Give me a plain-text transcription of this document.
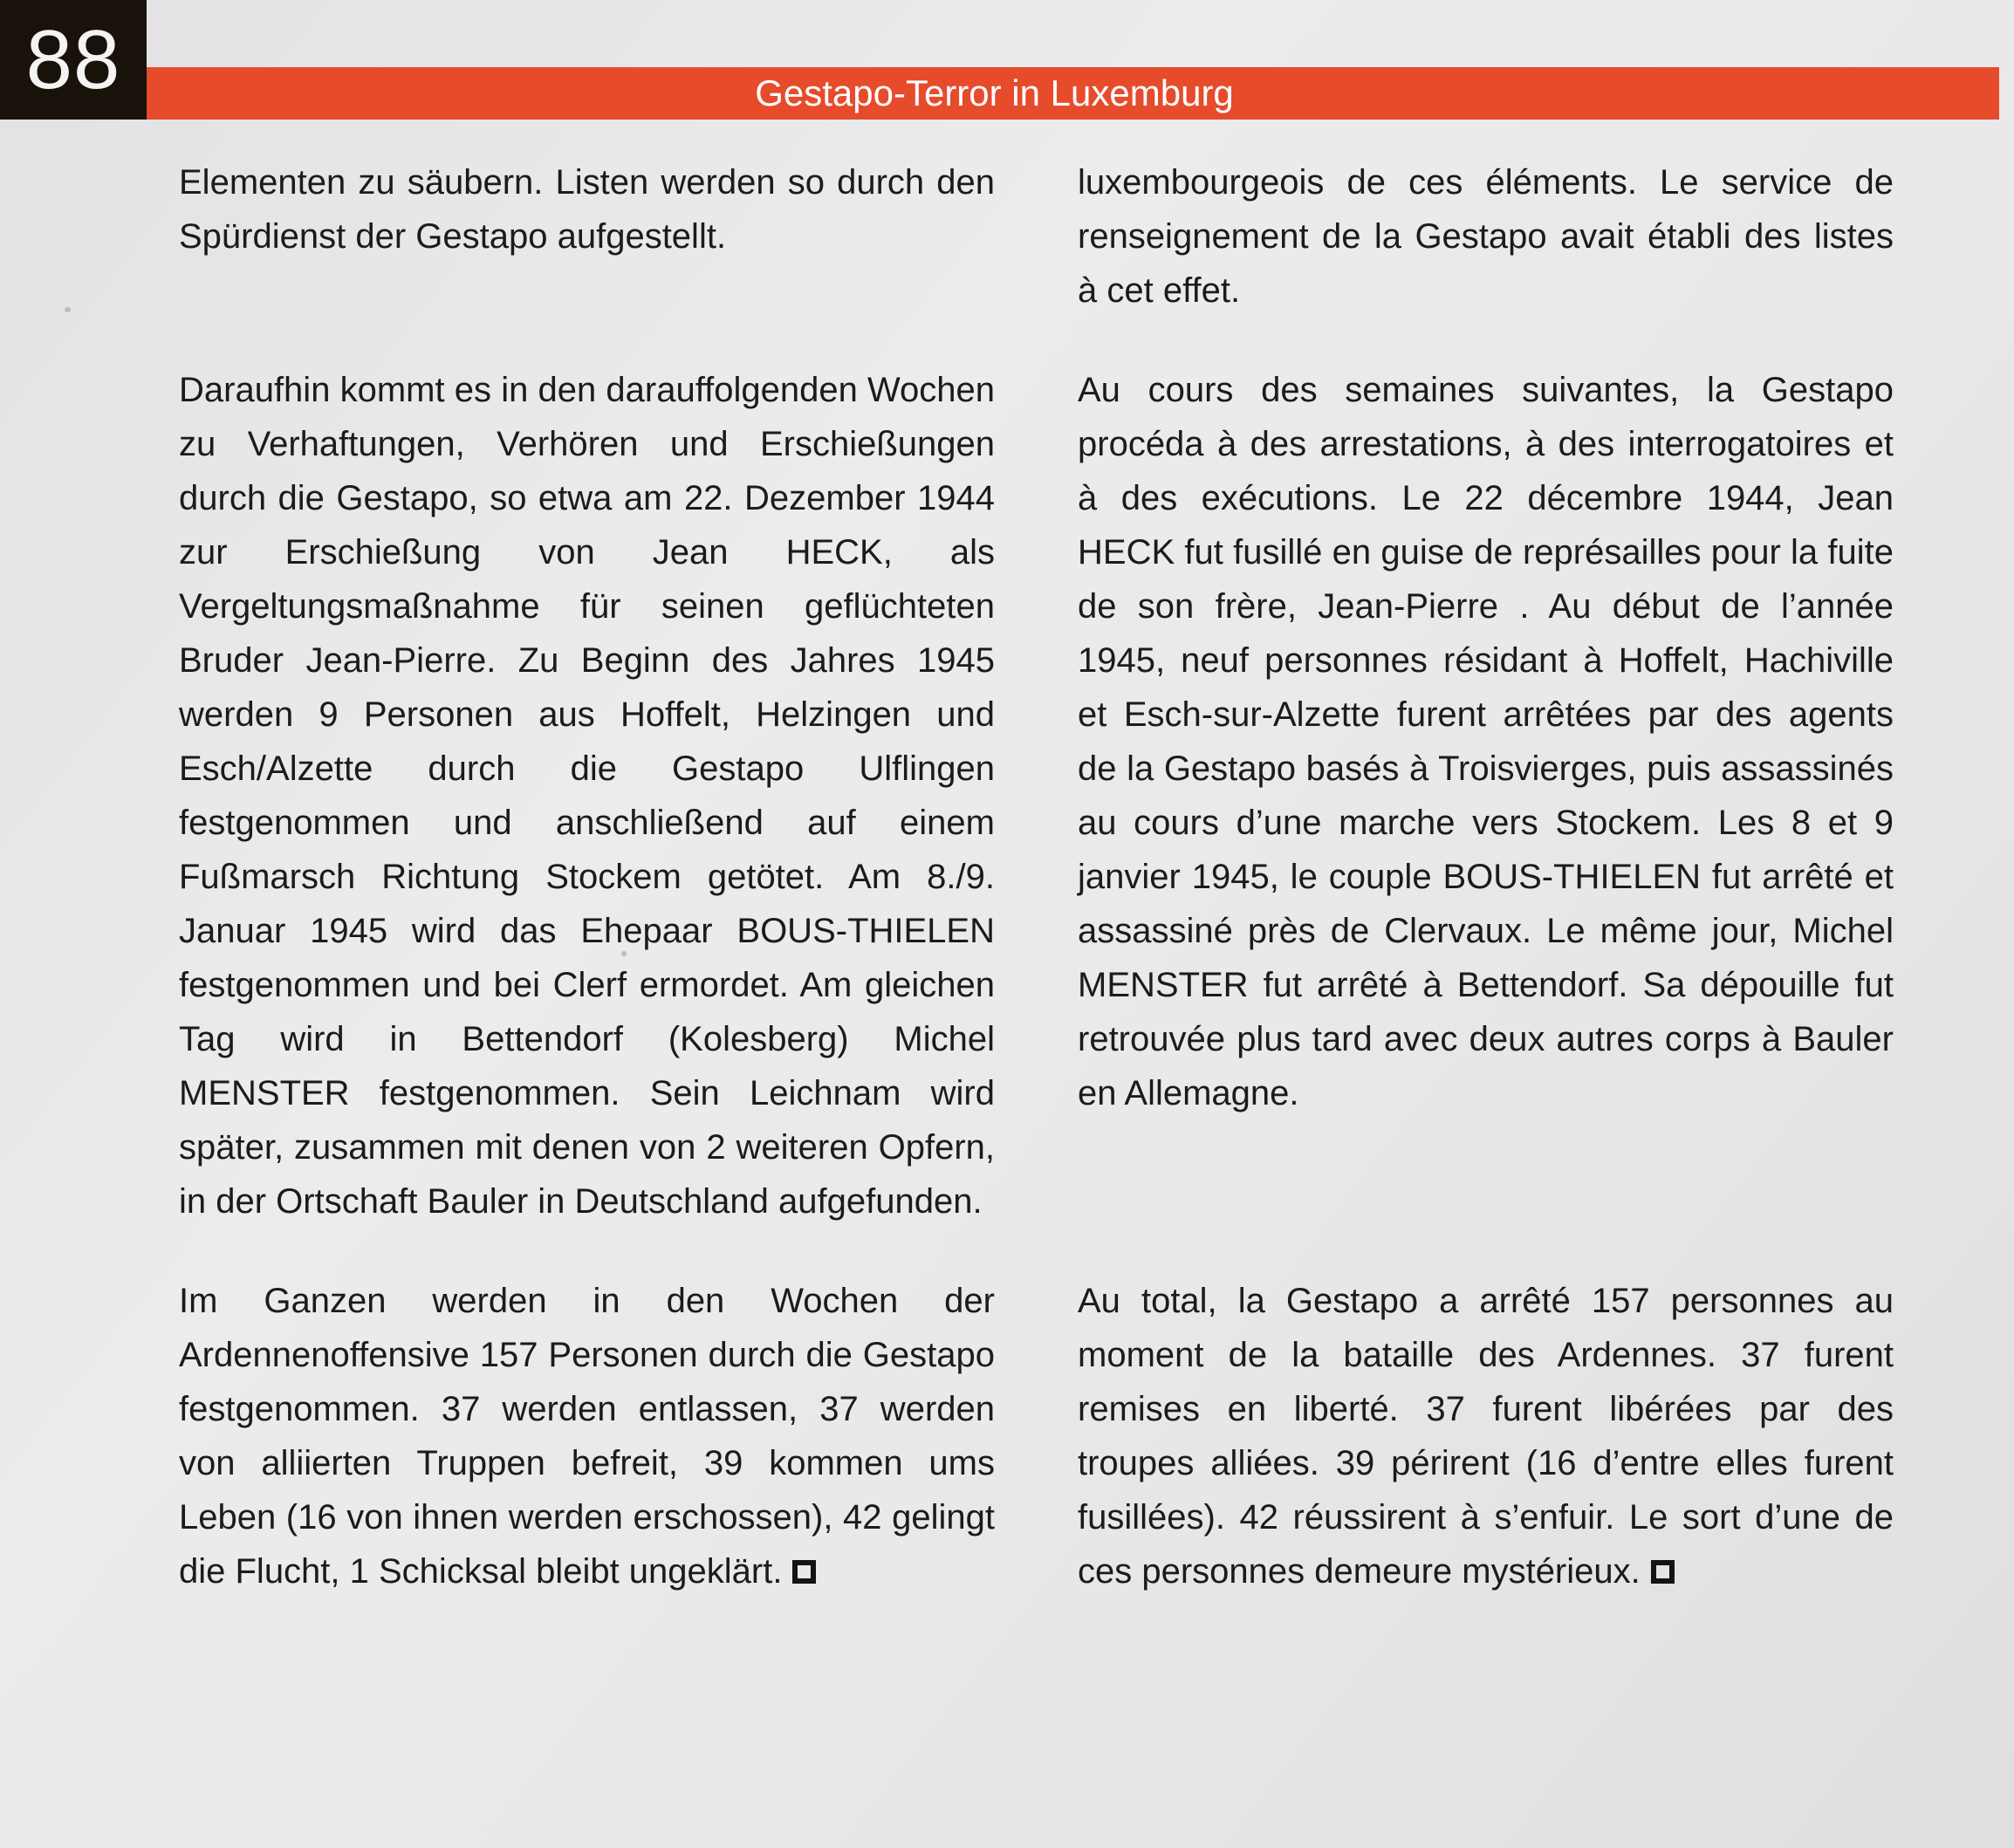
88	Gestapo-Terror in Luxemburg

Elementen zu säubern. Listen werden so durch den Spürdienst der Gestapo aufgestellt.

luxembourgeois de ces éléments. Le service de renseignement de la Gestapo avait établi des listes à cet effet.

Daraufhin kommt es in den darauffolgenden Wochen zu Verhaftungen, Verhören und Erschießungen durch die Gestapo, so etwa am 22. Dezember 1944 zur Erschießung von Jean HECK, als Vergeltungsmaßnahme für seinen geflüchteten Bruder Jean-Pierre. Zu Beginn des Jahres 1945 werden 9 Personen aus Hoffelt, Helzingen und Esch/Alzette durch die Gestapo Ulflingen festgenommen und anschließend auf einem Fußmarsch Richtung Stockem getötet. Am 8./9. Januar 1945 wird das Ehepaar BOUS-THIELEN festgenommen und bei Clerf ermordet. Am gleichen Tag wird in Bettendorf (Kolesberg) Michel MENSTER festgenommen. Sein Leichnam wird später, zusammen mit denen von 2 weiteren Opfern, in der Ortschaft Bauler in Deutschland aufgefunden.

Au cours des semaines suivantes, la Gestapo procéda à des arrestations, à des interrogatoires et à des exécutions. Le 22 décembre 1944, Jean HECK fut fusillé en guise de représailles pour la fuite de son frère, Jean-Pierre . Au début de l’année 1945, neuf personnes résidant à Hoffelt, Hachiville et Esch-sur-Alzette furent arrêtées par des agents de la Gestapo basés à Troisvierges, puis assassinés au cours d’une marche vers Stockem. Les 8 et 9 janvier 1945, le couple BOUS-THIELEN fut arrêté et assassiné près de Clervaux. Le même jour, Michel MENSTER fut arrêté à Bettendorf. Sa dépouille fut retrouvée plus tard avec deux autres corps à Bauler en Allemagne.

Im Ganzen werden in den Wochen der Ardennenoffensive 157 Personen durch die Gestapo festgenommen. 37 werden entlassen, 37 werden von alliierten Truppen befreit, 39 kommen ums Leben (16 von ihnen werden erschossen), 42 gelingt die Flucht, 1 Schicksal bleibt ungeklärt.

Au total, la Gestapo a arrêté 157 personnes au moment de la bataille des Ardennes. 37 furent remises en liberté. 37 furent libérées par des troupes alliées. 39 périrent (16 d’entre elles furent fusillées). 42 réussirent à s’enfuir. Le sort d’une de ces personnes demeure mystérieux.
